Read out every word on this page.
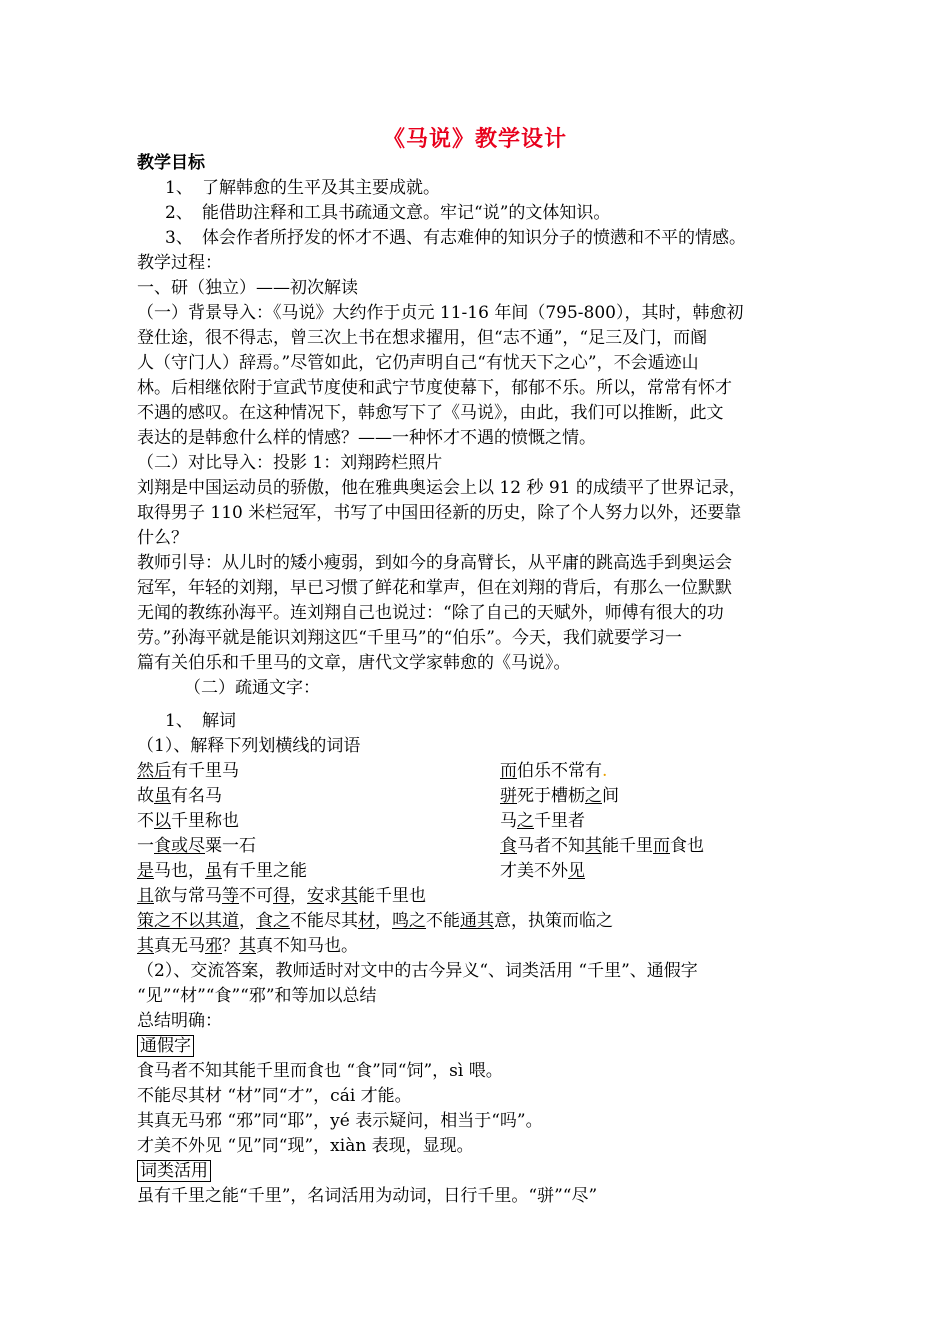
《马说》教学设计
教学目标
1、 了解韩愈的生平及其主要成就。
2、 能借助注释和工具书疏通文意。牢记“说”的文体知识。
3、 体会作者所抒发的怀才不遇、有志难伸的知识分子的愤懑和不平的情感。
教学过程：
一、研（独立）——初次解读
（一）背景导入：《马说》大约作于贞元 11-16 年间（795-800），其时，韩愈初
登仕途，很不得志，曾三次上书在想求擢用，但“志不通”，“足三及门，而阍
人（守门人）辞焉。”尽管如此，它仍声明自己“有忧天下之心”，不会遁迹山
林。后相继依附于宣武节度使和武宁节度使幕下，郁郁不乐。所以，常常有怀才
不遇的感叹。在这种情况下，韩愈写下了《马说》，由此，我们可以推断，此文
表达的是韩愈什么样的情感？——一种怀才不遇的愤慨之情。
（二）对比导入：投影 1：刘翔跨栏照片
刘翔是中国运动员的骄傲，他在雅典奥运会上以 12 秒 91 的成绩平了世界记录，
取得男子 110 米栏冠军，书写了中国田径新的历史，除了个人努力以外，还要靠
什么？
教师引导：从儿时的矮小瘦弱，到如今的身高臂长，从平庸的跳高选手到奥运会
冠军，年轻的刘翔，早已习惯了鲜花和掌声，但在刘翔的背后，有那么一位默默
无闻的教练孙海平。连刘翔自己也说过：“除了自己的天赋外，师傅有很大的功
劳。”孙海平就是能识刘翔这匹“千里马”的“伯乐”。今天，我们就要学习一
篇有关伯乐和千里马的文章，唐代文学家韩愈的《马说》。
（二）疏通文字：
1、 解词
（1）、解释下列划横线的词语
然后有千里马
故虽有名马
不以千里称也
一食或尽粟一石
是马也，虽有千里之能
而伯乐不常有.
骈死于槽枥之间
马之千里者
食马者不知其能千里而食也
才美不外见
且欲与常马等不可得，安求其能千里也
策之不以其道，食之不能尽其材，鸣之不能通其意，执策而临之
其真无马邪？其真不知马也。
（2）、交流答案，教师适时对文中的古今异义“、词类活用 “千里”、通假字
“见”“材”“食”“邪”和等加以总结
总结明确：
通假字
食马者不知其能千里而食也 “食”同“饲”，sì 喂。
不能尽其材 “材”同“才”，cái 才能。
其真无马邪 “邪”同“耶”，yé 表示疑问，相当于“吗”。
才美不外见 “见”同“现”，xiàn 表现，显现。
词类活用
虽有千里之能“千里”，名词活用为动词，日行千里。“骈”“尽”
